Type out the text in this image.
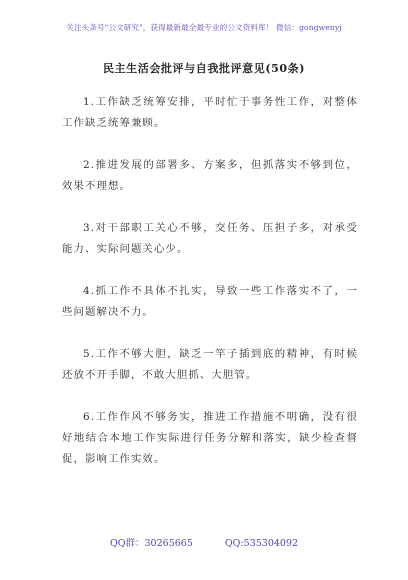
关注头条号"公文研究"，获得最新最全最专业的公文资料库！ 微信：gongwenyj
民主生活会批评与自我批评意见(50条)

1.工作缺乏统筹安排，平时忙于事务性工作，对整体工作缺乏统筹兼顾。

2.推进发展的部署多、方案多，但抓落实不够到位，效果不理想。

3.对干部职工关心不够，交任务、压担子多，对承受能力、实际问题关心少。

4.抓工作不具体不扎实，导致一些工作落实不了，一些问题解决不力。

5.工作不够大胆，缺乏一竿子插到底的精神，有时候还放不开手脚，不敢大胆抓、大胆管。

6.工作作风不够务实，推进工作措施不明确，没有很好地结合本地工作实际进行任务分解和落实，缺少检查督促，影响工作实效。

QQ群：30265665	QQ:535304092
